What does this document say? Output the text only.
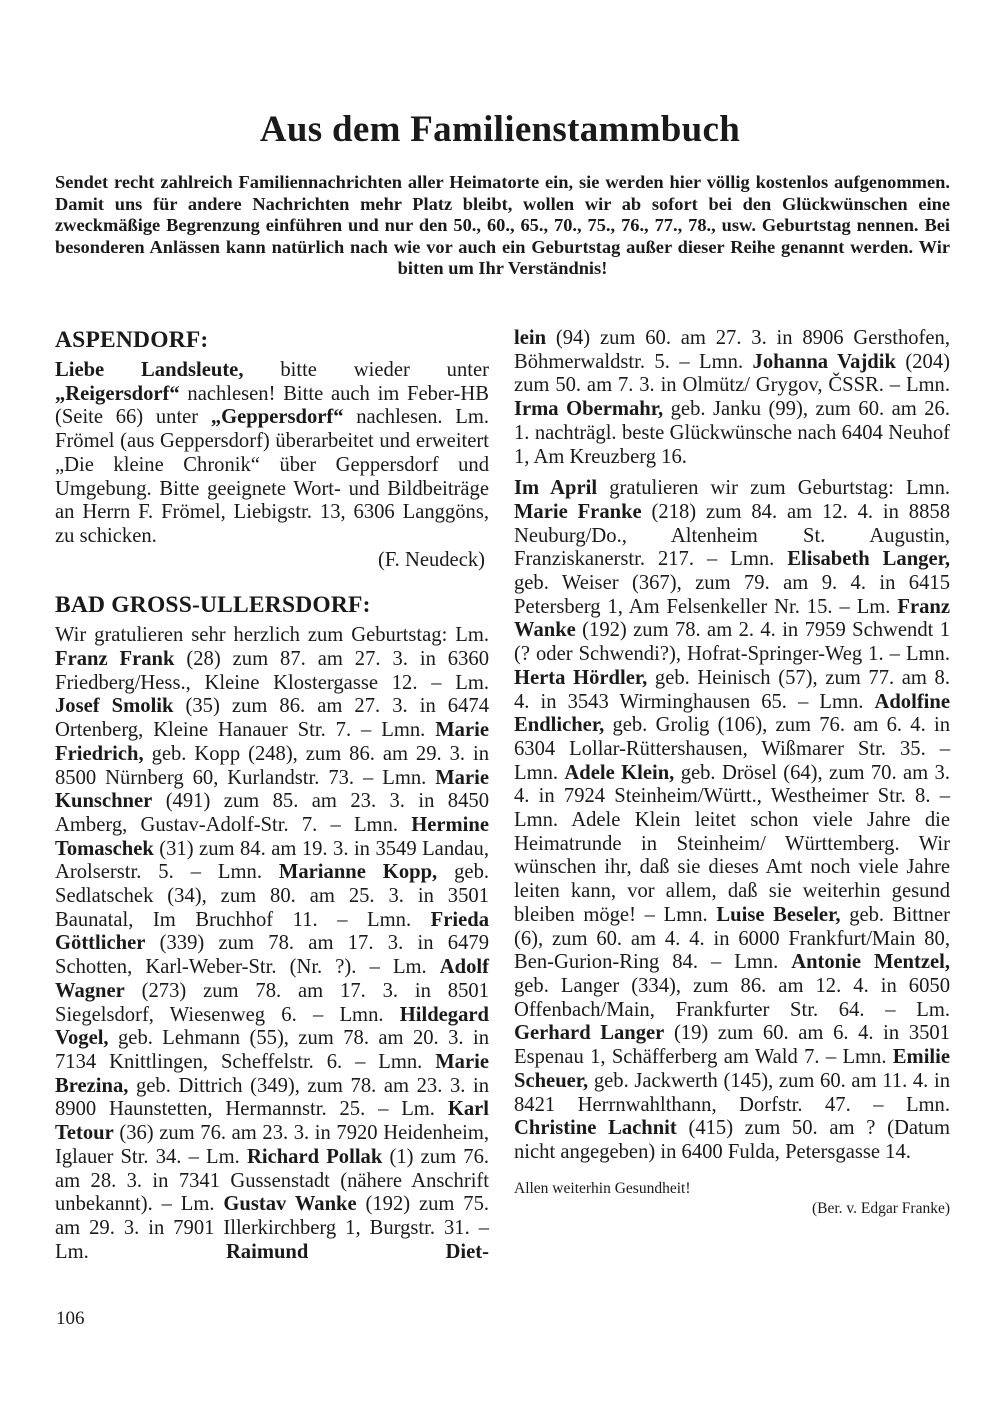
Aus dem Familienstammbuch
Sendet recht zahlreich Familiennachrichten aller Heimatorte ein, sie werden hier völlig kostenlos aufgenommen. Damit uns für andere Nachrichten mehr Platz bleibt, wollen wir ab sofort bei den Glückwünschen eine zweckmäßige Begrenzung einführen und nur den 50., 60., 65., 70., 75., 76., 77., 78., usw. Geburtstag nennen. Bei besonderen Anlässen kann natürlich nach wie vor auch ein Geburtstag außer dieser Reihe genannt werden. Wir bitten um Ihr Verständnis!
ASPENDORF:

Liebe Landsleute, bitte wieder unter „Reigersdorf“ nachlesen! Bitte auch im Feber-HB (Seite 66) unter „Geppersdorf“ nachlesen. Lm. Frömel (aus Geppersdorf) überarbeitet und erweitert „Die kleine Chronik“ über Geppersdorf und Umgebung. Bitte geeignete Wort- und Bildbeiträge an Herrn F. Frömel, Liebigstr. 13, 6306 Langgöns, zu schicken.

(F. Neudeck)

BAD GROSS-ULLERSDORF:

Wir gratulieren sehr herzlich zum Geburtstag: Lm. Franz Frank (28) zum 87. am 27. 3. in 6360 Friedberg/Hess., Kleine Klostergasse 12. – Lm. Josef Smolik (35) zum 86. am 27. 3. in 6474 Ortenberg, Kleine Hanauer Str. 7. – Lmn. Marie Friedrich, geb. Kopp (248), zum 86. am 29. 3. in 8500 Nürnberg 60, Kurlandstr. 73. – Lmn. Marie Kunschner (491) zum 85. am 23. 3. in 8450 Amberg, Gustav-Adolf-Str. 7. – Lmn. Hermine Tomaschek (31) zum 84. am 19. 3. in 3549 Landau, Arolserstr. 5. – Lmn. Marianne Kopp, geb. Sedlatschek (34), zum 80. am 25. 3. in 3501 Baunatal, Im Bruchhof 11. – Lmn. Frieda Göttlicher (339) zum 78. am 17. 3. in 6479 Schotten, Karl-Weber-Str. (Nr. ?). – Lm. Adolf Wagner (273) zum 78. am 17. 3. in 8501 Siegelsdorf, Wiesenweg 6. – Lmn. Hildegard Vogel, geb. Lehmann (55), zum 78. am 20. 3. in 7134 Knittlingen, Scheffelstr. 6. – Lmn. Marie Brezina, geb. Dittrich (349), zum 78. am 23. 3. in 8900 Haunstetten, Hermannstr. 25. – Lm. Karl Tetour (36) zum 76. am 23. 3. in 7920 Heidenheim, Iglauer Str. 34. – Lm. Richard Pollak (1) zum 76. am 28. 3. in 7341 Gussenstadt (nähere Anschrift unbekannt). – Lm. Gustav Wanke (192) zum 75. am 29. 3. in 7901 Illerkirchberg 1, Burgstr. 31. – Lm. Raimund Diet-

lein (94) zum 60. am 27. 3. in 8906 Gersthofen, Böhmerwaldstr. 5. – Lmn. Johanna Vajdik (204) zum 50. am 7. 3. in Olmütz/ Grygov, ČSSR. – Lmn. Irma Obermahr, geb. Janku (99), zum 60. am 26. 1. nachträgl. beste Glückwünsche nach 6404 Neuhof 1, Am Kreuzberg 16.

Im April gratulieren wir zum Geburtstag: Lmn. Marie Franke (218) zum 84. am 12. 4. in 8858 Neuburg/Do., Altenheim St. Augustin, Franziskanerstr. 217. – Lmn. Elisabeth Langer, geb. Weiser (367), zum 79. am 9. 4. in 6415 Petersberg 1, Am Felsenkeller Nr. 15. – Lm. Franz Wanke (192) zum 78. am 2. 4. in 7959 Schwendt 1 (? oder Schwendi?), Hofrat-Springer-Weg 1. – Lmn. Herta Hördler, geb. Heinisch (57), zum 77. am 8. 4. in 3543 Wirminghausen 65. – Lmn. Adolfine Endlicher, geb. Grolig (106), zum 76. am 6. 4. in 6304 Lollar-Rüttershausen, Wißmarer Str. 35. – Lmn. Adele Klein, geb. Drösel (64), zum 70. am 3. 4. in 7924 Steinheim/Württ., Westheimer Str. 8. – Lmn. Adele Klein leitet schon viele Jahre die Heimatrunde in Steinheim/ Württemberg. Wir wünschen ihr, daß sie dieses Amt noch viele Jahre leiten kann, vor allem, daß sie weiterhin gesund bleiben möge! – Lmn. Luise Beseler, geb. Bittner (6), zum 60. am 4. 4. in 6000 Frankfurt/Main 80, Ben-Gurion-Ring 84. – Lmn. Antonie Mentzel, geb. Langer (334), zum 86. am 12. 4. in 6050 Offenbach/Main, Frankfurter Str. 64. – Lm. Gerhard Langer (19) zum 60. am 6. 4. in 3501 Espenau 1, Schäfferberg am Wald 7. – Lmn. Emilie Scheuer, geb. Jackwerth (145), zum 60. am 11. 4. in 8421 Herrnwahlthann, Dorfstr. 47. – Lmn. Christine Lachnit (415) zum 50. am ? (Datum nicht angegeben) in 6400 Fulda, Petersgasse 14.

Allen weiterhin Gesundheit!

(Ber. v. Edgar Franke)

106
